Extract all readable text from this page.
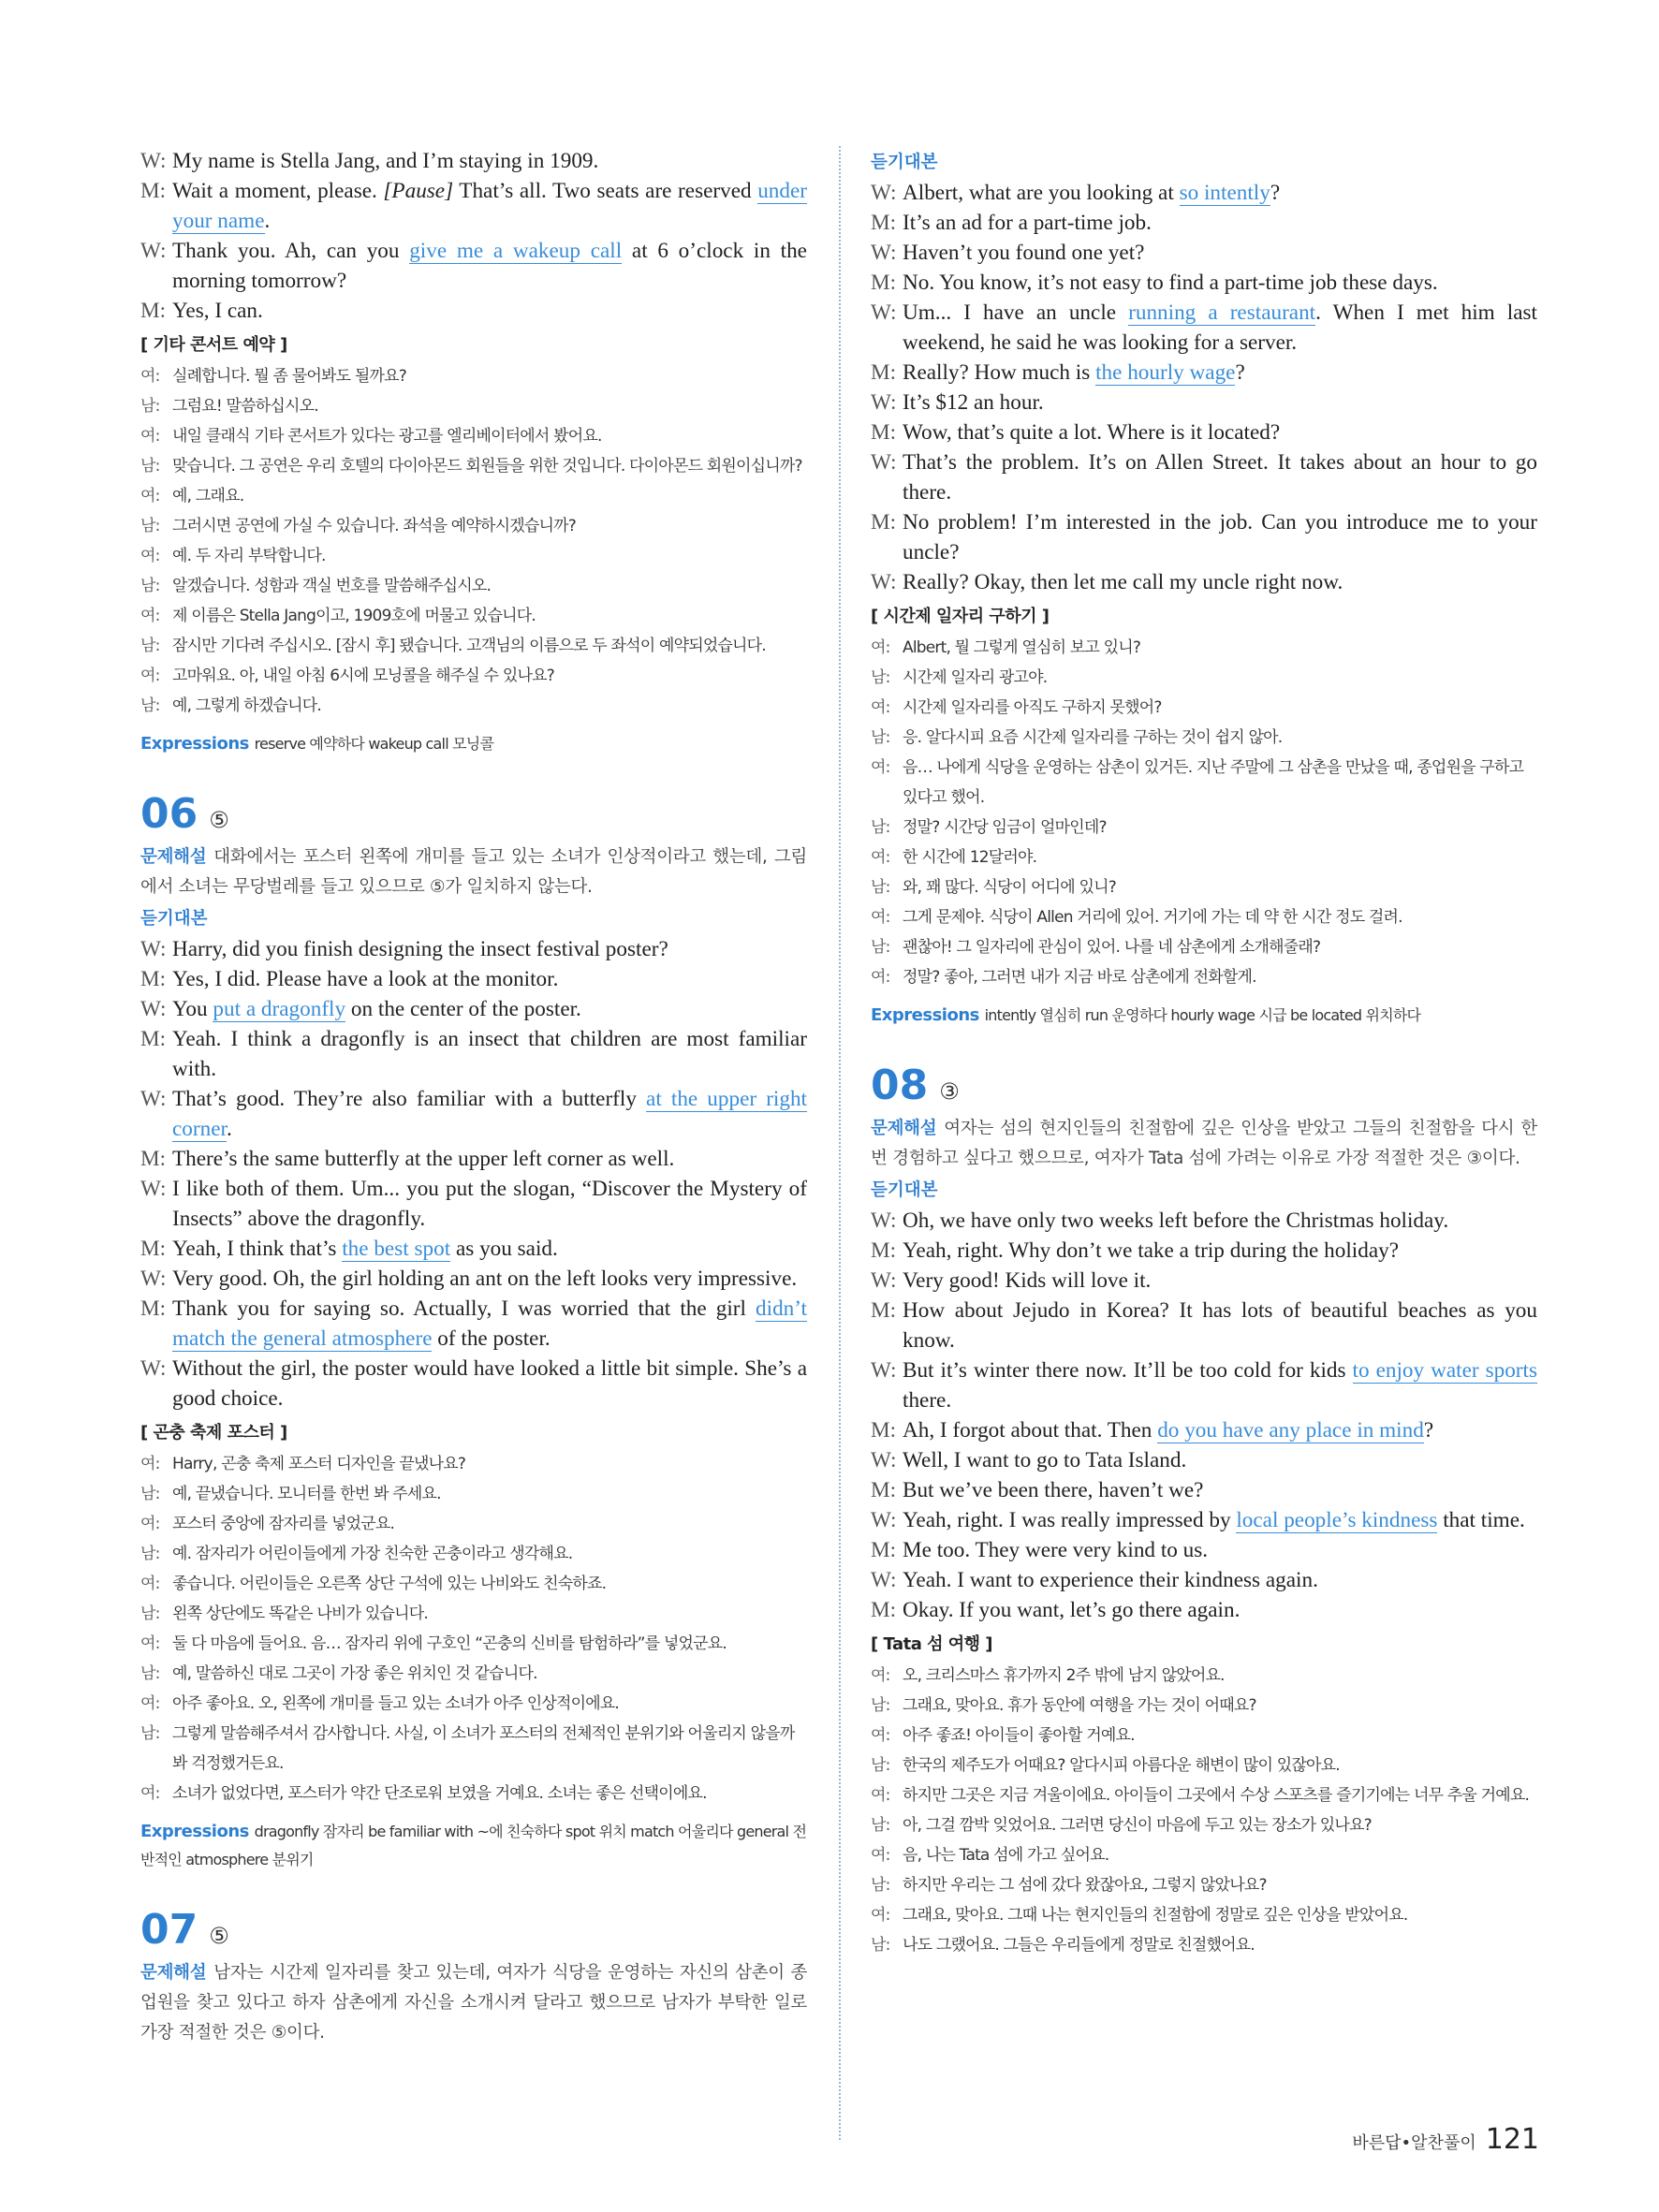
W: My name is Stella Jang, and I’m staying in 1909.
M: Wait a moment, please. [Pause] That’s all. Two seats are reserved under your name.
W: Thank you. Ah, can you give me a wakeup call at 6 o’clock in the morning tomorrow?
M: Yes, I can.
[ 기타 콘서트 예약 ]
여: 실례합니다. 뭘 좀 물어봐도 될까요?
남: 그럼요! 말씀하십시오.
여: 내일 클래식 기타 콘서트가 있다는 광고를 엘리베이터에서 봤어요.
남: 맞습니다. 그 공연은 우리 호텔의 다이아몬드 회원들을 위한 것입니다. 다이아몬드 회원이십니까?
여: 예, 그래요.
남: 그러시면 공연에 가실 수 있습니다. 좌석을 예약하시겠습니까?
여: 예. 두 자리 부탁합니다.
남: 알겠습니다. 성함과 객실 번호를 말씀해주십시오.
여: 제 이름은 Stella Jang이고, 1909호에 머물고 있습니다.
남: 잠시만 기다려 주십시오. [잠시 후] 됐습니다. 고객님의 이름으로 두 좌석이 예약되었습니다.
여: 고마워요. 아, 내일 아침 6시에 모닝콜을 해주실 수 있나요?
남: 예, 그렇게 하겠습니다.
Expressions reserve 예약하다 wakeup call 모닝콜
06 ⑤
문제해설 대화에서는 포스터 왼쪽에 개미를 들고 있는 소녀가 인상적이라고 했는데, 그림에서 소녀는 무당벌레를 들고 있으므로 ⑤가 일치하지 않는다.
듣기대본
W: Harry, did you finish designing the insect festival poster?
M: Yes, I did. Please have a look at the monitor.
W: You put a dragonfly on the center of the poster.
M: Yeah. I think a dragonfly is an insect that children are most familiar with.
W: That’s good. They’re also familiar with a butterfly at the upper right corner.
M: There’s the same butterfly at the upper left corner as well.
W: I like both of them. Um... you put the slogan, “Discover the Mystery of Insects” above the dragonfly.
M: Yeah, I think that’s the best spot as you said.
W: Very good. Oh, the girl holding an ant on the left looks very impressive.
M: Thank you for saying so. Actually, I was worried that the girl didn’t match the general atmosphere of the poster.
W: Without the girl, the poster would have looked a little bit simple. She’s a good choice.
[ 곤충 축제 포스터 ]
여: Harry, 곤충 축제 포스터 디자인을 끝냈나요?
남: 예, 끝냈습니다. 모니터를 한번 봐 주세요.
여: 포스터 중앙에 잠자리를 넣었군요.
남: 예. 잠자리가 어린이들에게 가장 친숙한 곤충이라고 생각해요.
여: 좋습니다. 어린이들은 오른쪽 상단 구석에 있는 나비와도 친숙하죠.
남: 왼쪽 상단에도 똑같은 나비가 있습니다.
여: 둘 다 마음에 들어요. 음… 잠자리 위에 구호인 “곤충의 신비를 탐험하라”를 넣었군요.
남: 예, 말씀하신 대로 그곳이 가장 좋은 위치인 것 같습니다.
여: 아주 좋아요. 오, 왼쪽에 개미를 들고 있는 소녀가 아주 인상적이에요.
남: 그렇게 말씀해주셔서 감사합니다. 사실, 이 소녀가 포스터의 전체적인 분위기와 어울리지 않을까 봐 걱정했거든요.
여: 소녀가 없었다면, 포스터가 약간 단조로워 보였을 거예요. 소녀는 좋은 선택이에요.
Expressions dragonfly 잠자리 be familiar with ~에 친숙하다 spot 위치 match 어울리다 general 전반적인 atmosphere 분위기
07 ⑤
문제해설 남자는 시간제 일자리를 찾고 있는데, 여자가 식당을 운영하는 자신의 삼촌이 종업원을 찾고 있다고 하자 삼촌에게 자신을 소개시켜 달라고 했으므로 남자가 부탁한 일로 가장 적절한 것은 ⑤이다.
듣기대본
W: Albert, what are you looking at so intently?
M: It’s an ad for a part-time job.
W: Haven’t you found one yet?
M: No. You know, it’s not easy to find a part-time job these days.
W: Um... I have an uncle running a restaurant. When I met him last weekend, he said he was looking for a server.
M: Really? How much is the hourly wage?
W: It’s $12 an hour.
M: Wow, that’s quite a lot. Where is it located?
W: That’s the problem. It’s on Allen Street. It takes about an hour to go there.
M: No problem! I’m interested in the job. Can you introduce me to your uncle?
W: Really? Okay, then let me call my uncle right now.
[ 시간제 일자리 구하기 ]
여: Albert, 뭘 그렇게 열심히 보고 있니?
남: 시간제 일자리 광고야.
여: 시간제 일자리를 아직도 구하지 못했어?
남: 응. 알다시피 요즘 시간제 일자리를 구하는 것이 쉽지 않아.
여: 음… 나에게 식당을 운영하는 삼촌이 있거든. 지난 주말에 그 삼촌을 만났을 때, 종업원을 구하고 있다고 했어.
남: 정말? 시간당 임금이 얼마인데?
여: 한 시간에 12달러야.
남: 와, 꽤 많다. 식당이 어디에 있니?
여: 그게 문제야. 식당이 Allen 거리에 있어. 거기에 가는 데 약 한 시간 정도 걸려.
남: 괜찮아! 그 일자리에 관심이 있어. 나를 네 삼촌에게 소개해줄래?
여: 정말? 좋아, 그러면 내가 지금 바로 삼촌에게 전화할게.
Expressions intently 열심히 run 운영하다 hourly wage 시급 be located 위치하다
08 ③
문제해설 여자는 섬의 현지인들의 친절함에 깊은 인상을 받았고 그들의 친절함을 다시 한 번 경험하고 싶다고 했으므로, 여자가 Tata 섬에 가려는 이유로 가장 적절한 것은 ③이다.
듣기대본
W: Oh, we have only two weeks left before the Christmas holiday.
M: Yeah, right. Why don’t we take a trip during the holiday?
W: Very good! Kids will love it.
M: How about Jejudo in Korea? It has lots of beautiful beaches as you know.
W: But it’s winter there now. It’ll be too cold for kids to enjoy water sports there.
M: Ah, I forgot about that. Then do you have any place in mind?
W: Well, I want to go to Tata Island.
M: But we’ve been there, haven’t we?
W: Yeah, right. I was really impressed by local people’s kindness that time.
M: Me too. They were very kind to us.
W: Yeah. I want to experience their kindness again.
M: Okay. If you want, let’s go there again.
[ Tata 섬 여행 ]
여: 오, 크리스마스 휴가까지 2주 밖에 남지 않았어요.
남: 그래요, 맞아요. 휴가 동안에 여행을 가는 것이 어때요?
여: 아주 좋죠! 아이들이 좋아할 거예요.
남: 한국의 제주도가 어때요? 알다시피 아름다운 해변이 많이 있잖아요.
여: 하지만 그곳은 지금 겨울이에요. 아이들이 그곳에서 수상 스포츠를 즐기기에는 너무 추울 거예요.
남: 아, 그걸 깜박 잊었어요. 그러면 당신이 마음에 두고 있는 장소가 있나요?
여: 음, 나는 Tata 섬에 가고 싶어요.
남: 하지만 우리는 그 섬에 갔다 왔잖아요, 그렇지 않았나요?
여: 그래요, 맞아요. 그때 나는 현지인들의 친절함에 정말로 깊은 인상을 받았어요.
남: 나도 그랬어요. 그들은 우리들에게 정말로 친절했어요.
바른답•알찬풀이 121
